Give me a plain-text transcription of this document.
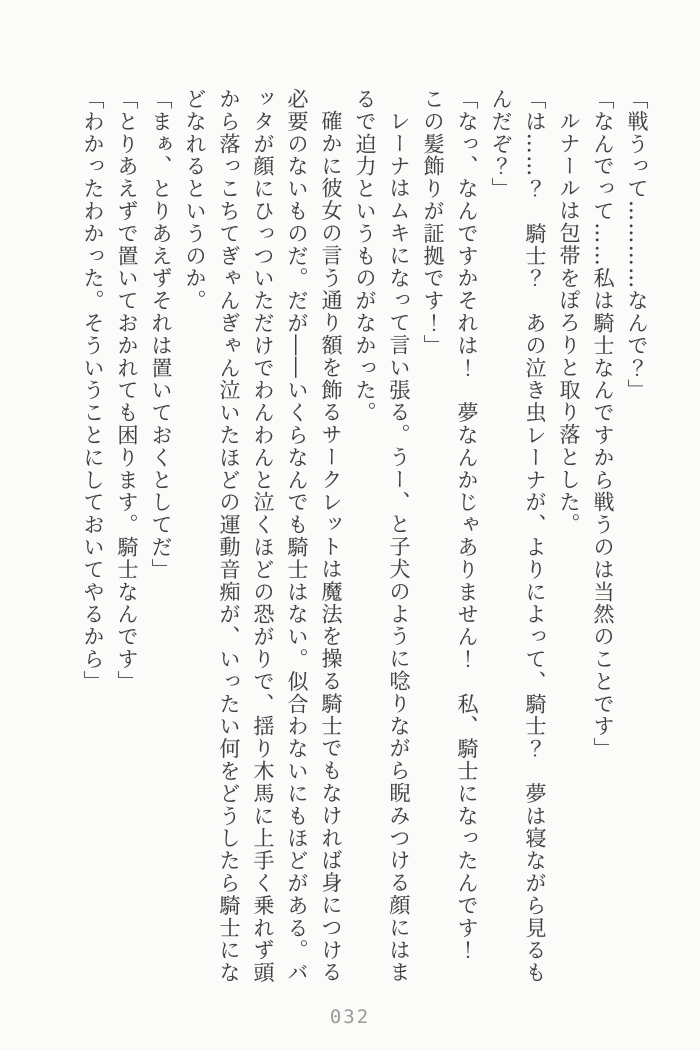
「戦うって…………なんで？」

「なんでって……私は騎士なんですから戦うのは当然のことです」

ルナールは包帯をぽろりと取り落とした。

「は……？　騎士？　あの泣き虫レーナが、よりによって、騎士？　夢は寝ながら見るも

んだぞ？」

「なっ、なんですかそれは！　夢なんかじゃありません！　私、騎士になったんです！

この髪飾りが証拠です！」

レーナはムキになって言い張る。うー、と子犬のように唸りながら睨みつける顔にはま

るで迫力というものがなかった。

確かに彼女の言う通り額を飾るサークレットは魔法を操る騎士でもなければ身につける

必要のないものだ。だが――いくらなんでも騎士はない。似合わないにもほどがある。バ

ッタが顔にひっついただけでわんわんと泣くほどの恐がりで、揺り木馬に上手く乗れず頭

から落っこちてぎゃんぎゃん泣いたほどの運動音痴が、いったい何をどうしたら騎士にな

どなれるというのか。

「まぁ、とりあえずそれは置いておくとしてだ」

「とりあえずで置いておかれても困ります。騎士なんです」

「わかったわかった。そういうことにしておいてやるから」

032
